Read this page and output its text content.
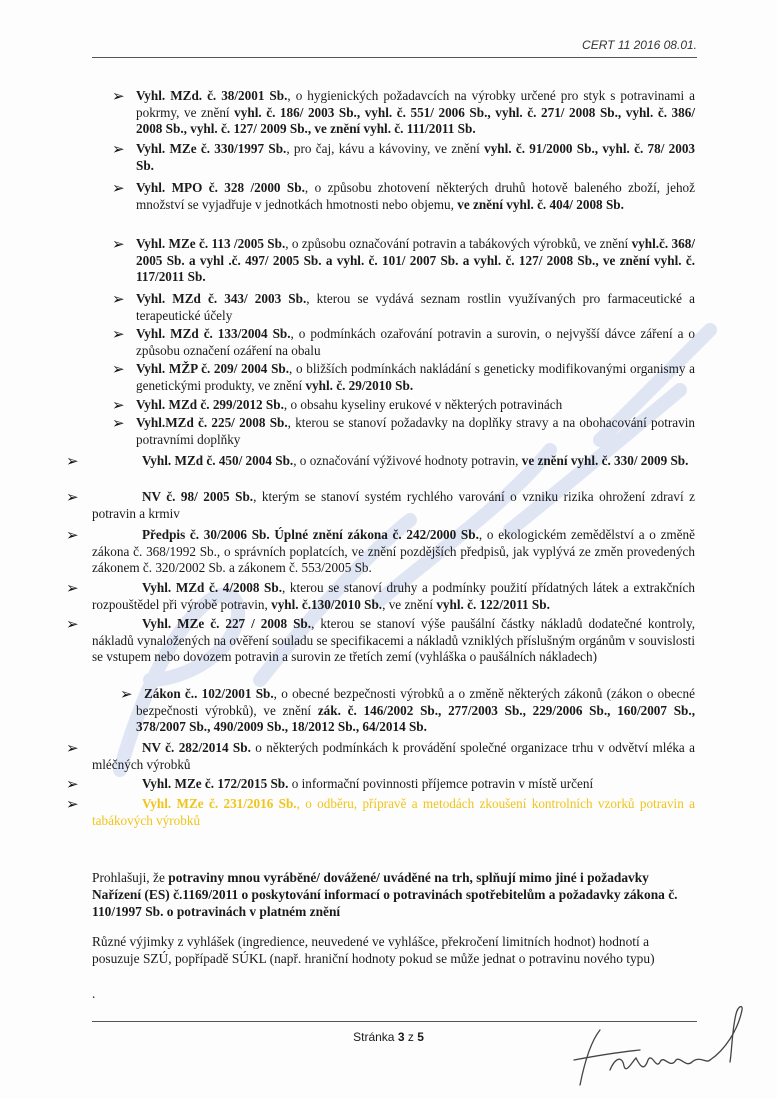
CERT 11 2016 08.01.
➢ Vyhl. MZd. č. 38/2001 Sb., o hygienických požadavcích na výrobky určené pro styk s potravinami a pokrmy, ve znění vyhl. č. 186/ 2003 Sb., vyhl. č. 551/ 2006 Sb., vyhl. č. 271/ 2008 Sb., vyhl. č. 386/ 2008 Sb., vyhl. č. 127/ 2009 Sb., ve znění vyhl. č. 111/2011 Sb.
➢ Vyhl. MZe č. 330/1997 Sb., pro čaj, kávu a kávoviny, ve znění vyhl. č. 91/2000 Sb., vyhl. č. 78/ 2003 Sb.
➢ Vyhl. MPO č. 328 /2000 Sb., o způsobu zhotovení některých druhů hotově baleného zboží, jehož množství se vyjadřuje v jednotkách hmotnosti nebo objemu, ve znění vyhl. č. 404/ 2008 Sb.
➢ Vyhl. MZe č. 113 /2005 Sb., o způsobu označování potravin a tabákových výrobků, ve znění vyhl.č. 368/ 2005 Sb. a vyhl .č. 497/ 2005 Sb. a vyhl. č. 101/ 2007 Sb. a vyhl. č. 127/ 2008 Sb., ve znění vyhl. č. 117/2011 Sb.
➢ Vyhl. MZd č. 343/ 2003 Sb., kterou se vydává seznam rostlin využívaných pro farmaceutické a terapeutické účely
➢ Vyhl. MZd č. 133/2004 Sb., o podmínkách ozařování potravin a surovin, o nejvyšší dávce záření a o způsobu označení ozáření na obalu
➢ Vyhl. MŽP č. 209/ 2004 Sb., o bližších podmínkách nakládání s geneticky modifikovanými organismy a genetickými produkty, ve znění vyhl. č. 29/2010 Sb.
➢ Vyhl. MZd č. 299/2012 Sb., o obsahu kyseliny erukové v některých potravinách
➢ Vyhl.MZd č. 225/ 2008 Sb., kterou se stanoví požadavky na doplňky stravy a na obohacování potravin potravními doplňky
➢	Vyhl. MZd č. 450/ 2004 Sb., o označování výživové hodnoty potravin, ve znění vyhl. č. 330/ 2009 Sb.
➢	NV č. 98/ 2005 Sb., kterým se stanoví systém rychlého varování o vzniku rizika ohrožení zdraví z potravin a krmiv
➢	Předpis č. 30/2006 Sb. Úplné znění zákona č. 242/2000 Sb., o ekologickém zemědělství a o změně zákona č. 368/1992 Sb., o správních poplatcích, ve znění pozdějších předpisů, jak vyplývá ze změn provedených zákonem č. 320/2002 Sb. a zákonem č. 553/2005 Sb.
➢	Vyhl. MZd č. 4/2008 Sb., kterou se stanoví druhy a podmínky použití přídatných látek a extrakčních rozpouštědel při výrobě potravin, vyhl. č.130/2010 Sb., ve znění vyhl. č. 122/2011 Sb.
➢	Vyhl. MZe č. 227 / 2008 Sb., kterou se stanoví výše paušální částky nákladů dodatečné kontroly, nákladů vynaložených na ověření souladu se specifikacemi a nákladů vzniklých příslušným orgánům v souvislosti se vstupem nebo dovozem potravin a surovin ze třetích zemí (vyhláška o paušálních nákladech)
➢ Zákon č.. 102/2001 Sb., o obecné bezpečnosti výrobků a o změně některých zákonů (zákon o obecné bezpečnosti výrobků), ve znění zák. č. 146/2002 Sb., 277/2003 Sb., 229/2006 Sb., 160/2007 Sb., 378/2007 Sb., 490/2009 Sb., 18/2012 Sb., 64/2014 Sb.
➢	NV č. 282/2014 Sb. o některých podmínkách k provádění společné organizace trhu v odvětví mléka a mléčných výrobků
➢	Vyhl. MZe č. 172/2015 Sb. o informační povinnosti příjemce potravin v místě určení
➢	Vyhl. MZe č. 231/2016 Sb., o odběru, přípravě a metodách zkoušení kontrolních vzorků potravin a tabákových výrobků
Prohlašuji, že potraviny mnou vyráběné/ dovážené/ uváděné na trh, splňují mimo jiné i požadavky Nařízení (ES) č.1169/2011 o poskytování informací o potravinách spotřebitelům a požadavky zákona č. 110/1997 Sb. o potravinách v platném znění
Různé výjimky z vyhlášek (ingredience, neuvedené ve vyhlášce, překročení limitních hodnot) hodnotí a posuzuje SZÚ, popřípadě SÚKL (např. hraniční hodnoty pokud se může jednat o potravinu nového typu)
.
Stránka 3 z 5
